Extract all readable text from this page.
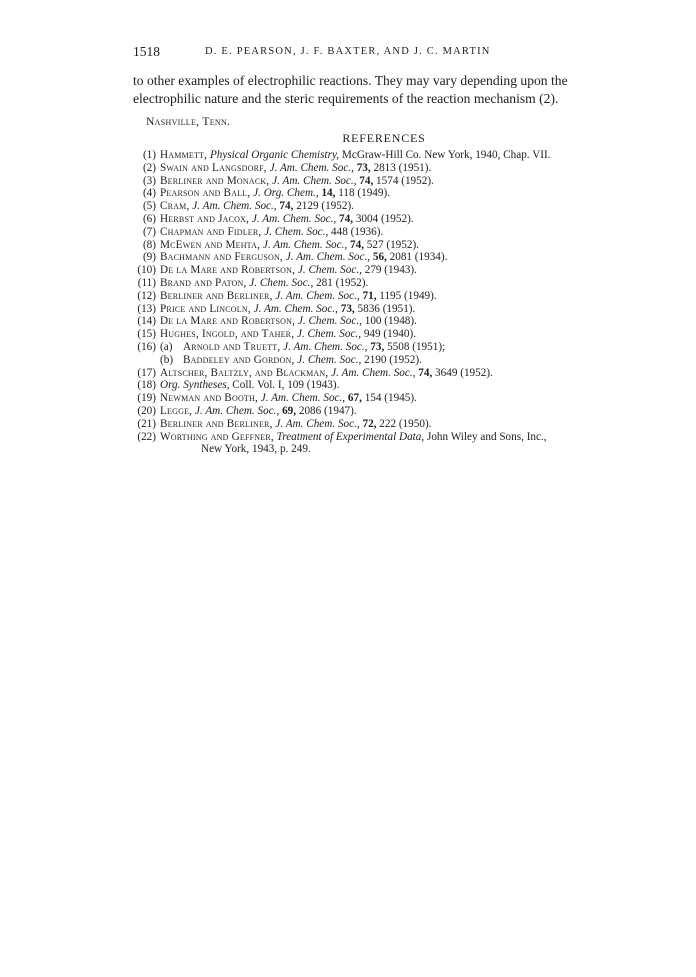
1518	D. E. PEARSON, J. F. BAXTER, AND J. C. MARTIN
to other examples of electrophilic reactions. They may vary depending upon the
electrophilic nature and the steric requirements of the reaction mechanism (2).
Nashville, Tenn.
REFERENCES
(1) Hammett, Physical Organic Chemistry, McGraw-Hill Co. New York, 1940, Chap. VII.
(2) Swain and Langsdorf, J. Am. Chem. Soc., 73, 2813 (1951).
(3) Berliner and Monack, J. Am. Chem. Soc., 74, 1574 (1952).
(4) Pearson and Ball, J. Org. Chem., 14, 118 (1949).
(5) Cram, J. Am. Chem. Soc., 74, 2129 (1952).
(6) Herbst and Jacox, J. Am. Chem. Soc., 74, 3004 (1952).
(7) Chapman and Fidler, J. Chem. Soc., 448 (1936).
(8) McEwen and Mehta, J. Am. Chem. Soc., 74, 527 (1952).
(9) Bachmann and Ferguson, J. Am. Chem. Soc., 56, 2081 (1934).
(10) De la Mare and Robertson, J. Chem. Soc., 279 (1943).
(11) Brand and Paton, J. Chem. Soc., 281 (1952).
(12) Berliner and Berliner, J. Am. Chem. Soc., 71, 1195 (1949).
(13) Price and Lincoln, J. Am. Chem. Soc., 73, 5836 (1951).
(14) De la Mare and Robertson, J. Chem. Soc., 100 (1948).
(15) Hughes, Ingold, and Taher, J. Chem. Soc., 949 (1940).
(16) (a) Arnold and Truett, J. Am. Chem. Soc., 73, 5508 (1951);
(b) Baddeley and Gordon, J. Chem. Soc., 2190 (1952).
(17) Altscher, Baltzly, and Blackman, J. Am. Chem. Soc., 74, 3649 (1952).
(18) Org. Syntheses, Coll. Vol. I, 109 (1943).
(19) Newman and Booth, J. Am. Chem. Soc., 67, 154 (1945).
(20) Legge, J. Am. Chem. Soc., 69, 2086 (1947).
(21) Berliner and Berliner, J. Am. Chem. Soc., 72, 222 (1950).
(22) Worthing and Geffner, Treatment of Experimental Data, John Wiley and Sons, Inc.,
New York, 1943, p. 249.
